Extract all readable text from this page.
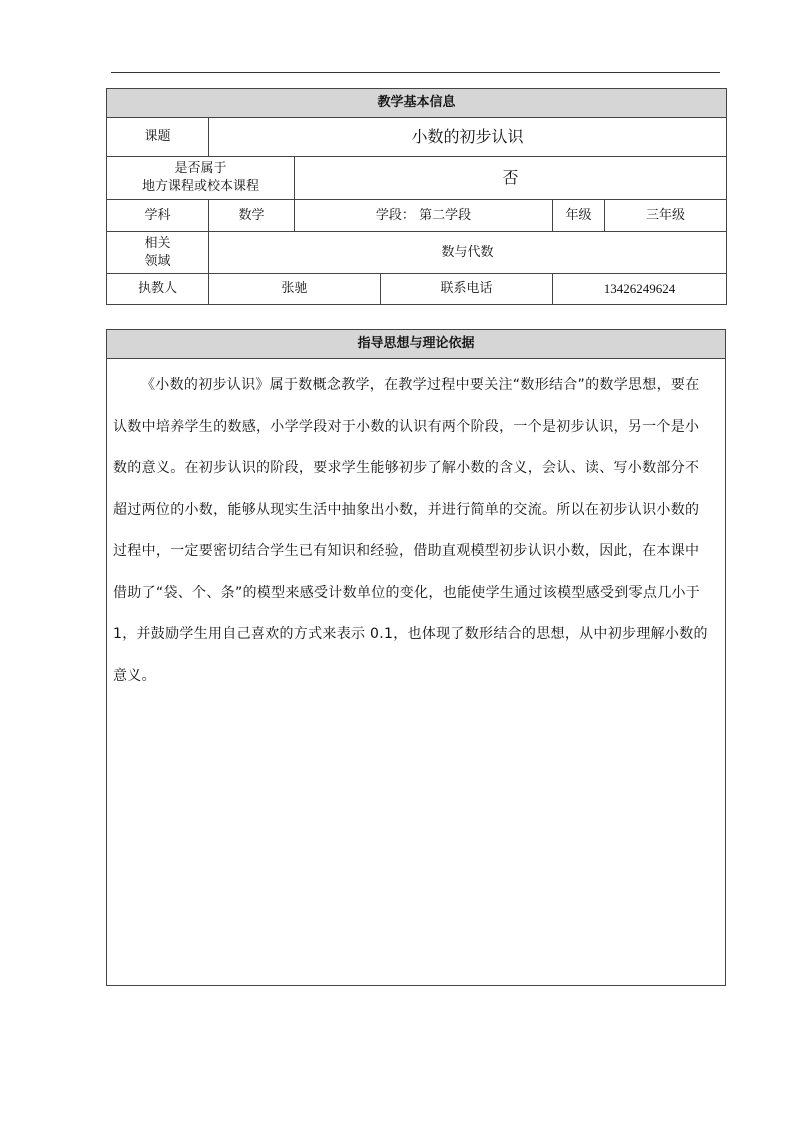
教学基本信息					
课题	小数的初步认识				

是否属于
地方课程或校本课程		否			
学科	数学	学段： 第二学段		年级	三年级

相关
领域	数与代数				
执教人	张驰		联系电话	13426249624	
指导思想与理论依据
《小数的初步认识》属于数概念教学，在教学过程中要关注“数形结合”的数学思想，要在认数中培养学生的数感，小学学段对于小数的认识有两个阶段，一个是初步认识，另一个是小数的意义。在初步认识的阶段，要求学生能够初步了解小数的含义，会认、读、写小数部分不超过两位的小数，能够从现实生活中抽象出小数，并进行简单的交流。所以在初步认识小数的过程中，一定要密切结合学生已有知识和经验，借助直观模型初步认识小数，因此，在本课中借助了“袋、个、条”的模型来感受计数单位的变化，也能使学生通过该模型感受到零点几小于 1，并鼓励学生用自己喜欢的方式来表示 0.1，也体现了数形结合的思想，从中初步理解小数的意义。
